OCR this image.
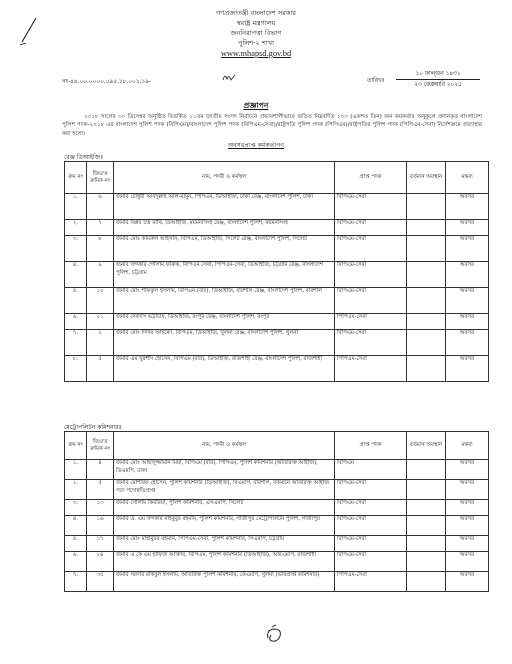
গণপ্রজাতন্ত্রী বাংলাদেশ সরকার
স্বরাষ্ট্র মন্ত্রণালয়
জননিরাপত্তা বিভাগ
পুলিশ-২ শাখা
www.mhapsd.gov.bd
নং-৪৪.০০.০০০০.০৯৫.১৮.০০১.১৯-	তারিখঃ
১০ ফাল্গুন ১৪৩১
২৩ ফেব্রুয়ারি ২০২৫
প্রজ্ঞাপন
২০১৮ সালের ৩০ ডিসেম্বর অনুষ্ঠিত বিতর্কিত ১১তম জাতীয় সংসদ নির্বাচনে প্রভাবশালীভাবে জড়িত নিম্নবর্ণিত ১০৩ (একশত তিন) জন কর্মকর্তার অনুকূলে প্রদানকৃত বাংলাদেশ পুলিশ পদক-২০১৮ এর বাংলাদেশ পুলিশ পদক (বিপিএম)/বাংলাদেশ পুলিশ পদক (বিপিএম-সেবা)/রাষ্ট্রপতি পুলিশ পদক (পিপিএম)/রাষ্ট্রপতির পুলিশ পদক (পিপিএম-সেবা) নির্দেশক্রমে প্রত্যাহার করা হলো।
অবসরপ্রাপ্ত কর্মকর্তাগণ
রেঞ্জ ডিআইজিঃ
ক্রম নং	জিও'র ক্রমিক নং	নাম, পদবী ও কর্মস্থল	প্রাপ্ত পদক	বর্তমান অবস্থান	মন্তব্য
১.	৬	জনাব চৌধুরী আবদুল্লাহ আল-মামুন, পিপিএম, ডিআইজি, ঢাকা রেঞ্জ, বাংলাদেশ পুলিশ, ঢাকা	বিপিএম-সেবা		অবসর
২.	৭	জনাব বিপ্লব চন্দ্র মাথি, ডিআইজি, ময়মনসিংহ রেঞ্জ, বাংলাদেশ পুলিশ, ময়মনসিংহ	বিপিএম-সেবা		অবসর
৩.	৮	জনাব মোঃ কামরুল আহসান, বিপিএম, ডিআইজি, সিলেট রেঞ্জ, বাংলাদেশ পুলিশ, সিলেট	বিপিএম-সেবা		অবসর
৪.	৯	জনাব খন্দকার গোলাম ফারুক, বিপিএম সেবা, পিপিএম-সেবা, ডিআইজি, চট্টগ্রাম রেঞ্জ, বাংলাদেশ পুলিশ, চট্টগ্রাম	বিপিএম-সেবা		অবসর
৫.	১০	জনাব মোঃ শফিকুল ইসলাম, বিপিএম (বার), ডিআইজি, বরিশাল রেঞ্জ, বাংলাদেশ পুলিশ, বরিশাল	বিপিএম-সেবা		অবসর
৬.	২১	জনাব দেবদাস ভট্টাচার্য, ডিআইজি, রংপুর রেঞ্জ, বাংলাদেশ পুলিশ, রংপুর	পিপিএম-সেবা		অবসর
৭.	২	জনাব মোঃ দিদার আহমেদ, বিপিএম, ডিআইজি, খুলনা রেঞ্জ, বাংলাদেশ পুলিশ, খুলনা	বিপিএম-সেবা		অবসর
৮.	৫	জনাব এম খুরশীদ হোসেন, বিপিএম (বার), ডিআইজি, রাজশাহী রেঞ্জ, বাংলাদেশ পুলিশ, রাজশাহী	পিপিএম-সেবা		অবসর
মেট্রোপলিটন কমিশনারঃ
ক্রম নং	জিও'র ক্রমিক নং	নাম, পদবী ও কর্মস্থল	প্রাপ্ত পদক	বর্তমান অবস্থান	মন্তব্য
১.	৪	জনাব মোঃ আছাদুজ্জামান মিয়া, বিপিএম (বার), পিপিএম, পুলিশ কমিশনার (অতিরিক্ত আইজি), ডিএমপি, ঢাকা	বিপিএম		অবসর
২.	৫	জনাব মোশারফ হোসেন, পুলিশ কমিশনার (ডিআইজি), বিএমপি, বরিশাল, বর্তমানে অতিরিক্ত আইজি পদে পদোন্নতিপ্রাপ্ত	বিপিএম-সেবা		অবসর
৩.	১৩	জনাব গোলাম কিবরিয়া, পুলিশ কমিশনার, এসএমপি, সিলেট	বিপিএম-সেবা		অবসর
৪.	১৬	জনাব ড. এম খন্দকার মাহবুবুর রহমান, পুলিশ কমিশনার, গাজীপুর মেট্রোপলিটন পুলিশ, গাজীপুর	বিপিএম-সেবা		অবসর
৫.	১৭	জনাব মোঃ মাহাবুবর রহমান, পিপিএম-সেবা, পুলিশ কমিশনার, সিএমপি, চট্টগ্রাম	বিপিএম-সেবা		অবসর
৬.	২৪	জনাব এ কে এম হাফিজ আক্তার, বিপিএম, পুলিশ কমিশনার (ডিআইজি), আরএমপি, রাজশাহী	বিপিএম-সেবা		অবসর
৭.	৩৫	জনাব সরদার রকিবুল ইসলাম, অতিরিক্ত পুলিশ কমিশনার, কেএমপি, খুলনা (ভারপ্রাপ্ত কমিশনার)	পিপিএম-সেবা		অবসর
